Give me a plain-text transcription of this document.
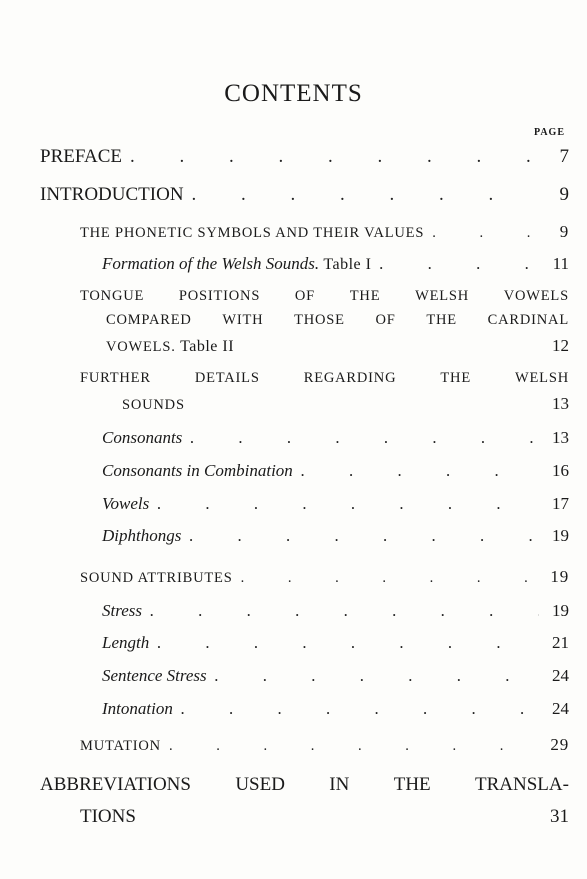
CONTENTS
PAGE
PREFACE . . .	7
INTRODUCTION . . .	9
THE PHONETIC SYMBOLS AND THEIR VALUES . . .	9
Formation of the Welsh Sounds. Table I . . .	11
TONGUE POSITIONS OF THE WELSH VOWELS
COMPARED WITH THOSE OF THE CARDINAL
VOWELS.
Table II	12
FURTHER	DETAILS	REGARDING	THE	WELSH
SOUNDS	13
Consonants . . .	13
Consonants in Combination . . .	16
Vowels . . .	17
Diphthongs . . .	19
SOUND ATTRIBUTES . . .	19
Stress . . .	19
Length . . .	21
Sentence Stress . . .	24
Intonation . . .	24
MUTATION . . .	29
ABBREVIATIONS USED IN THE TRANSLA-
TIONS	31
